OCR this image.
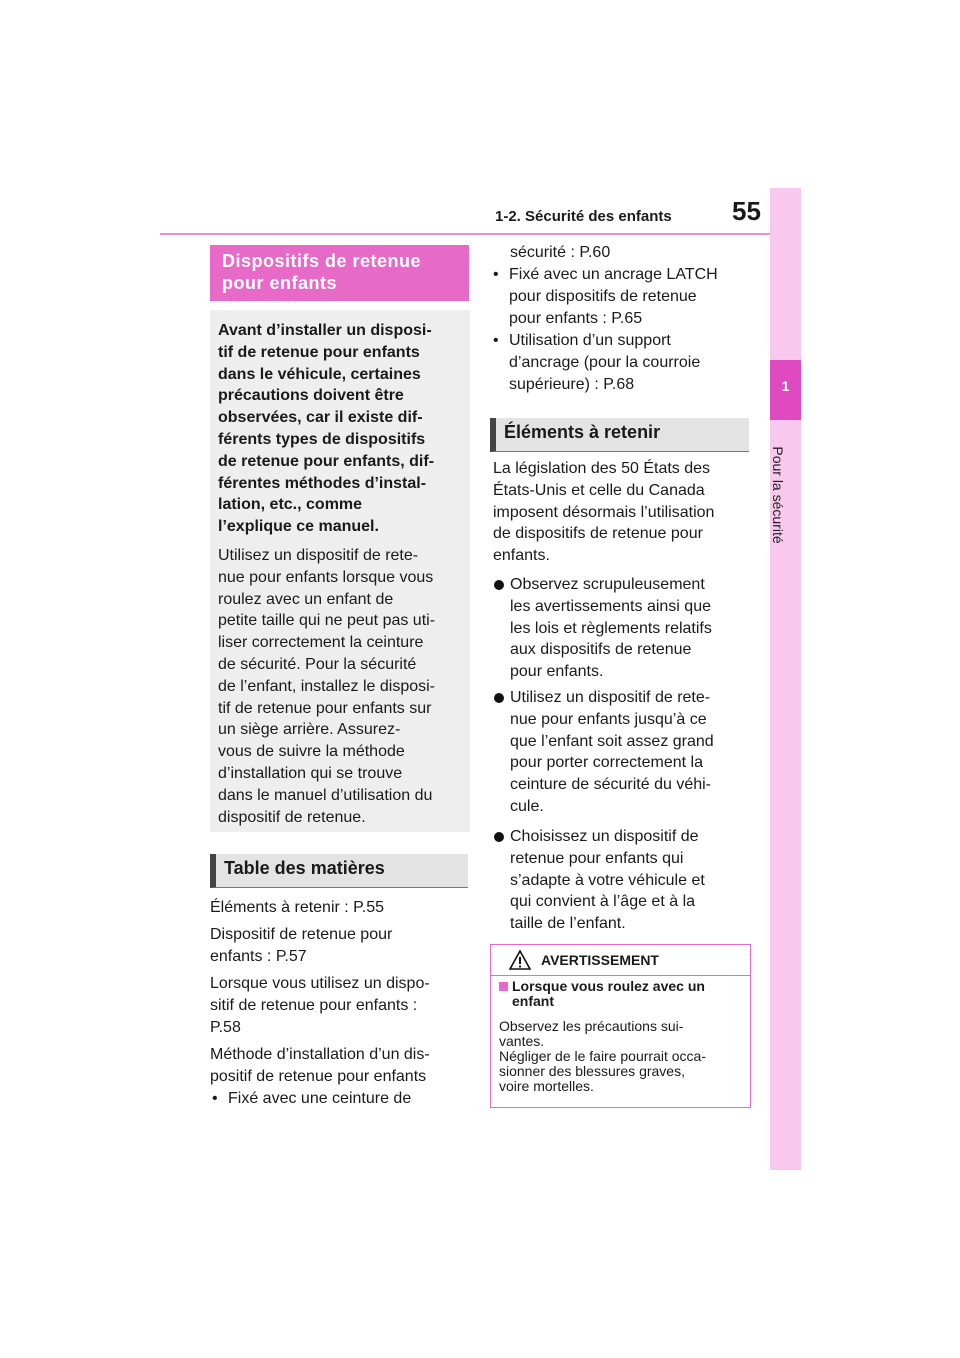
1-2. Sécurité des enfants 55
1
Pour la sécurité
Dispositifs de retenue
pour enfants
Avant d’installer un disposi-
tif de retenue pour enfants
dans le véhicule, certaines
précautions doivent être
observées, car il existe dif-
férents types de dispositifs
de retenue pour enfants, dif-
férentes méthodes d’instal-
lation, etc., comme
l’explique ce manuel.
Utilisez un dispositif de rete-
nue pour enfants lorsque vous
roulez avec un enfant de
petite taille qui ne peut pas uti-
liser correctement la ceinture
de sécurité. Pour la sécurité
de l’enfant, installez le disposi-
tif de retenue pour enfants sur
un siège arrière. Assurez-
vous de suivre la méthode
d’installation qui se trouve
dans le manuel d’utilisation du
dispositif de retenue.
Table des matières
Éléments à retenir : P.55
Dispositif de retenue pour
enfants : P.57
Lorsque vous utilisez un dispo-
sitif de retenue pour enfants :
P.58
Méthode d’installation d’un dis-
positif de retenue pour enfants
• Fixé avec une ceinture de
sécurité : P.60
• Fixé avec un ancrage LATCH
pour dispositifs de retenue
pour enfants : P.65
• Utilisation d’un support
d’ancrage (pour la courroie
supérieure) : P.68
Éléments à retenir
La législation des 50 États des
États-Unis et celle du Canada
imposent désormais l’utilisation
de dispositifs de retenue pour
enfants.
Observez scrupuleusement
les avertissements ainsi que
les lois et règlements relatifs
aux dispositifs de retenue
pour enfants.
Utilisez un dispositif de rete-
nue pour enfants jusqu’à ce
que l’enfant soit assez grand
pour porter correctement la
ceinture de sécurité du véhi-
cule.
Choisissez un dispositif de
retenue pour enfants qui
s’adapte à votre véhicule et
qui convient à l’âge et à la
taille de l’enfant.
AVERTISSEMENT
Lorsque vous roulez avec un
enfant
Observez les précautions sui-
vantes.
Négliger de le faire pourrait occa-
sionner des blessures graves,
voire mortelles.
